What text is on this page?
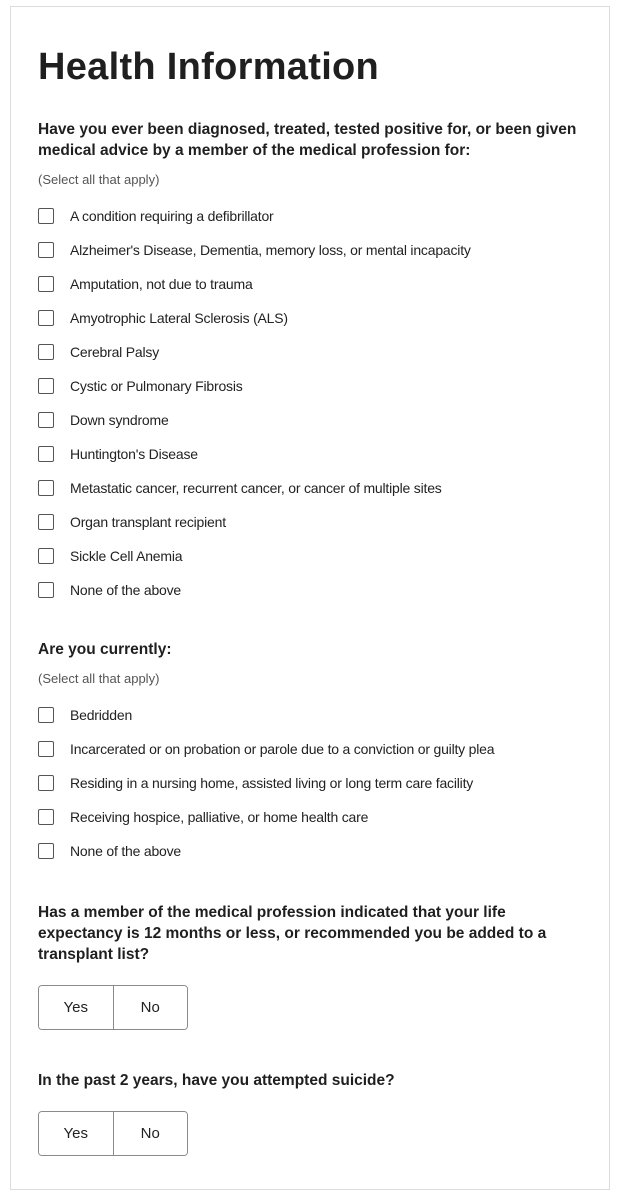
Health Information

Have you ever been diagnosed, treated, tested positive for, or been given medical advice by a member of the medical profession for:

(Select all that apply)

A condition requiring a defibrillator
Alzheimer's Disease, Dementia, memory loss, or mental incapacity
Amputation, not due to trauma
Amyotrophic Lateral Sclerosis (ALS)
Cerebral Palsy
Cystic or Pulmonary Fibrosis
Down syndrome
Huntington's Disease
Metastatic cancer, recurrent cancer, or cancer of multiple sites
Organ transplant recipient
Sickle Cell Anemia
None of the above

Are you currently:

(Select all that apply)

Bedridden
Incarcerated or on probation or parole due to a conviction or guilty plea
Residing in a nursing home, assisted living or long term care facility
Receiving hospice, palliative, or home health care
None of the above

Has a member of the medical profession indicated that your life expectancy is 12 months or less, or recommended you be added to a transplant list?

Yes	No

In the past 2 years, have you attempted suicide?

Yes	No
